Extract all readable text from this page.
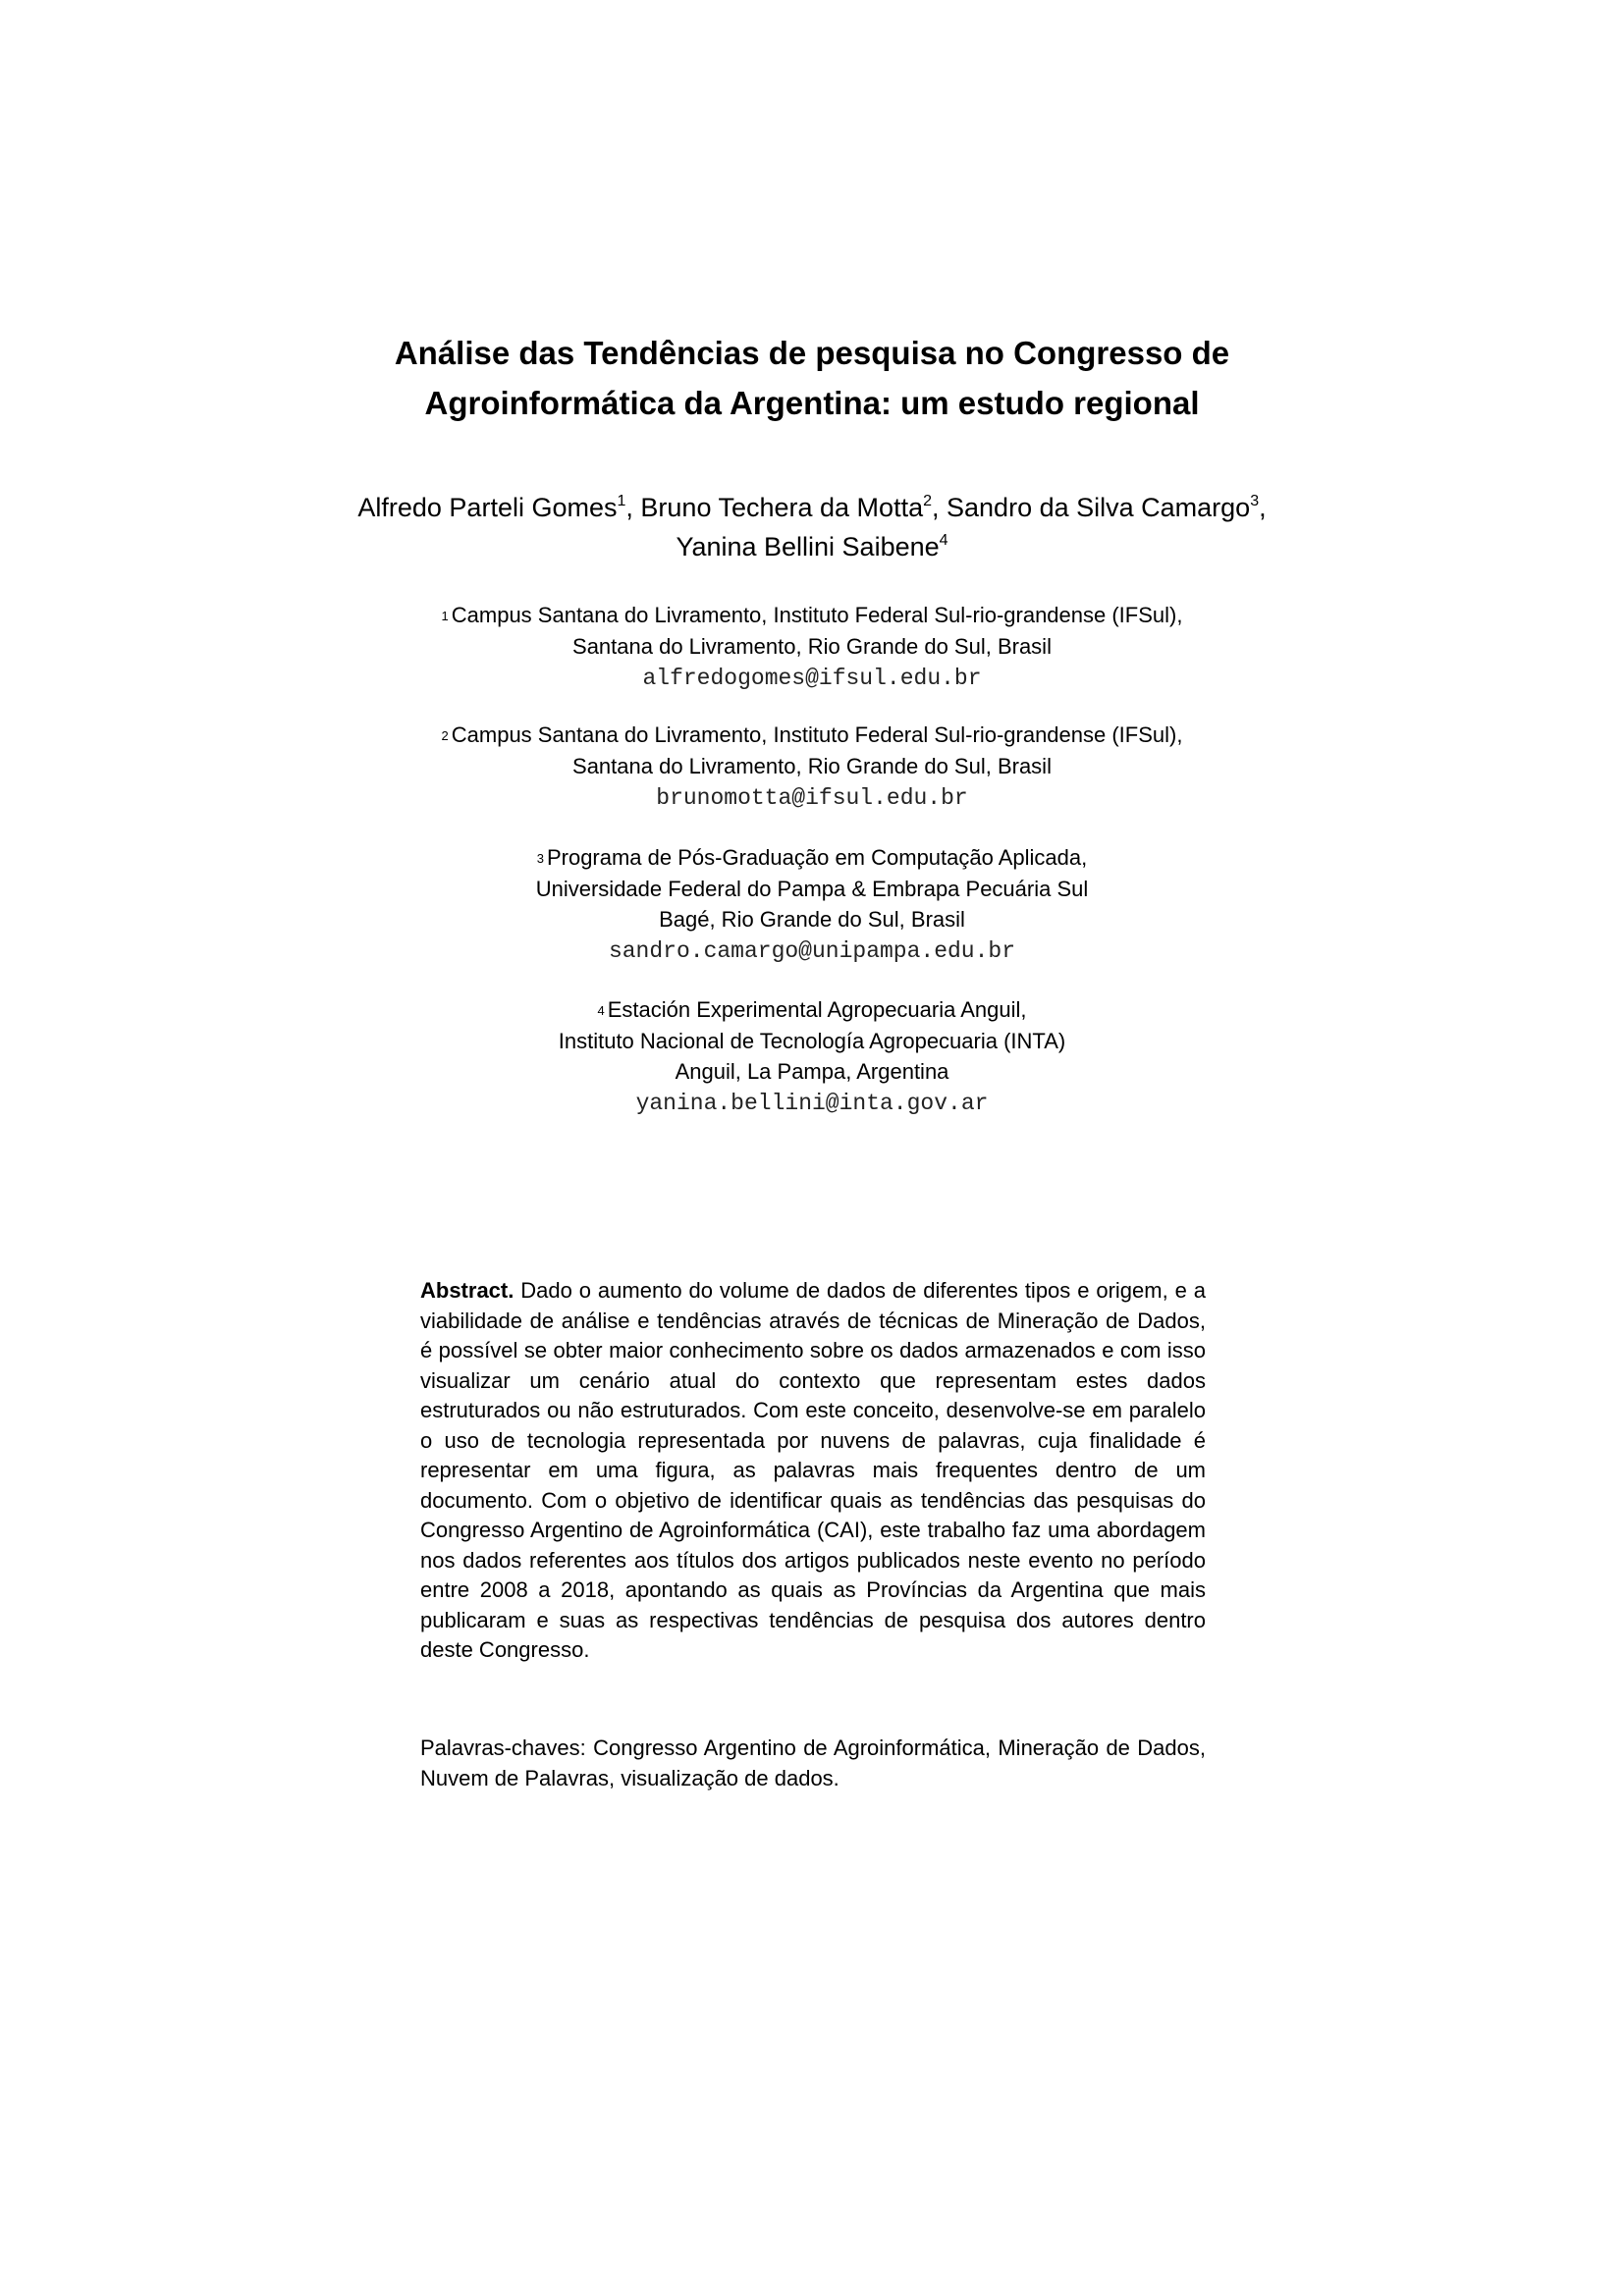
Análise das Tendências de pesquisa no Congresso de
Agroinformática da Argentina: um estudo regional

Alfredo Parteli Gomes$^1$, Bruno Techera da Motta$^2$, Sandro da Silva Camargo$^3$,
Yanina Bellini Saibene$^4$

1 Campus Santana do Livramento, Instituto Federal Sul-rio-grandense (IFSul),
Santana do Livramento, Rio Grande do Sul, Brasil
alfredogomes@ifsul.edu.br
2 Campus Santana do Livramento, Instituto Federal Sul-rio-grandense (IFSul),
Santana do Livramento, Rio Grande do Sul, Brasil
brunomotta@ifsul.edu.br
3 Programa de Pós-Graduação em Computação Aplicada,
Universidade Federal do Pampa & Embrapa Pecuária Sul
Bagé, Rio Grande do Sul, Brasil
sandro.camargo@unipampa.edu.br
4 Estación Experimental Agropecuaria Anguil,
Instituto Nacional de Tecnología Agropecuaria (INTA)
Anguil, La Pampa, Argentina
yanina.bellini@inta.gov.ar

Abstract. Dado o aumento do volume de dados de diferentes tipos e origem, e a viabilidade de análise e tendências através de técnicas de Mineração de Dados, é possível se obter maior conhecimento sobre os dados armazenados e com isso visualizar um cenário atual do contexto que representam estes dados estruturados ou não estruturados. Com este conceito, desenvolve-se em paralelo o uso de tecnologia representada por nuvens de palavras, cuja finalidade é representar em uma figura, as palavras mais frequentes dentro de um documento. Com o objetivo de identificar quais as tendências das pesquisas do Congresso Argentino de Agroinformática (CAI), este trabalho faz uma abordagem nos dados referentes aos títulos dos artigos publicados neste evento no período entre 2008 a 2018, apontando as quais as Províncias da Argentina que mais publicaram e suas as respectivas tendências de pesquisa dos autores dentro deste Congresso.

Palavras-chaves: Congresso Argentino de Agroinformática, Mineração de Dados, Nuvem de Palavras, visualização de dados.
